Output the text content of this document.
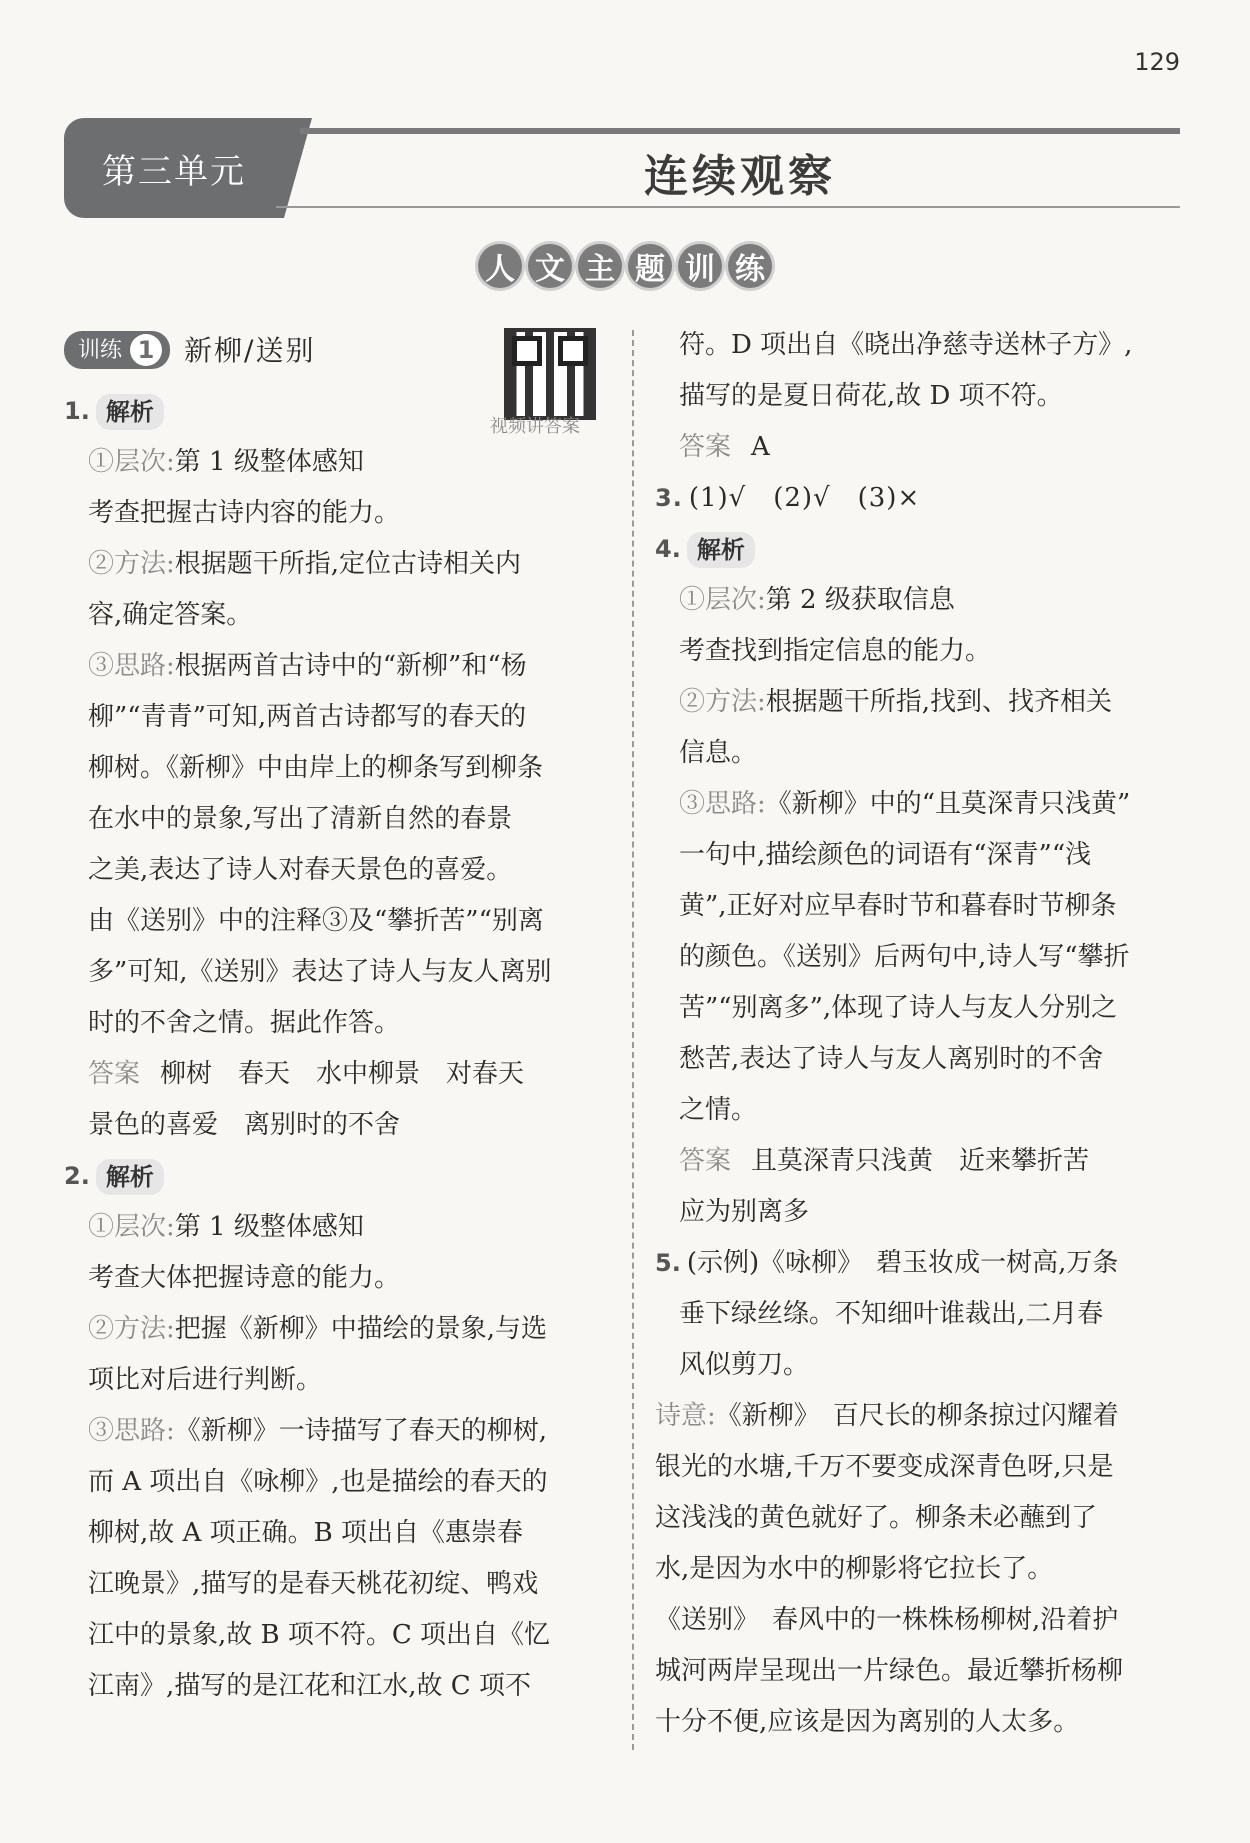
129
第三单元	连续观察
人 文 主 题 训 练
训练 1 新柳/送别
视频讲答案
1. 解析

①层次:第 1 级整体感知

考查把握古诗内容的能力。

②方法:根据题干所指,定位古诗相关内

容,确定答案。

③思路:根据两首古诗中的“新柳”和“杨

柳”“青青”可知,两首古诗都写的春天的

柳树。《新柳》中由岸上的柳条写到柳条

在水中的景象,写出了清新自然的春景

之美,表达了诗人对春天景色的喜爱。

由《送别》中的注释③及“攀折苦”“别离

多”可知,《送别》表达了诗人与友人离别

时的不舍之情。据此作答。

答案 柳树　春天　水中柳景　对春天

景色的喜爱　离别时的不舍

2. 解析

①层次:第 1 级整体感知

考查大体把握诗意的能力。

②方法:把握《新柳》中描绘的景象,与选

项比对后进行判断。

③思路:《新柳》一诗描写了春天的柳树,

而 A 项出自《咏柳》,也是描绘的春天的

柳树,故 A 项正确。B 项出自《惠崇春

江晚景》,描写的是春天桃花初绽、鸭戏

江中的景象,故 B 项不符。C 项出自《忆

江南》,描写的是江花和江水,故 C 项不

符。D 项出自《晓出净慈寺送林子方》,

描写的是夏日荷花,故 D 项不符。

答案 A

3. (1)√　(2)√　(3)×
4. 解析

①层次:第 2 级获取信息

考查找到指定信息的能力。

②方法:根据题干所指,找到、找齐相关

信息。

③思路:《新柳》中的“且莫深青只浅黄”

一句中,描绘颜色的词语有“深青”“浅

黄”,正好对应早春时节和暮春时节柳条

的颜色。《送别》后两句中,诗人写“攀折

苦”“别离多”,体现了诗人与友人分别之

愁苦,表达了诗人与友人离别时的不舍

之情。

答案 且莫深青只浅黄　近来攀折苦

应为别离多

5. (示例)《咏柳》　碧玉妆成一树高,万条

垂下绿丝绦。不知细叶谁裁出,二月春

风似剪刀。

诗意:《新柳》　百尺长的柳条掠过闪耀着

银光的水塘,千万不要变成深青色呀,只是

这浅浅的黄色就好了。柳条未必蘸到了

水,是因为水中的柳影将它拉长了。

《送别》　春风中的一株株杨柳树,沿着护

城河两岸呈现出一片绿色。最近攀折杨柳

十分不便,应该是因为离别的人太多。
